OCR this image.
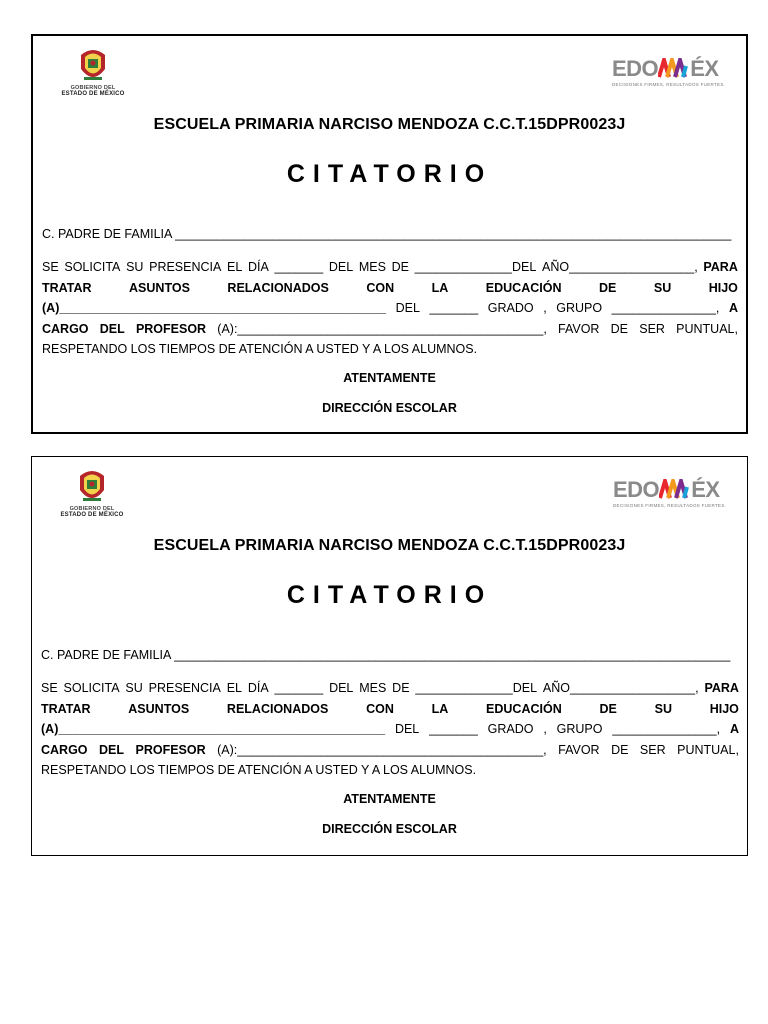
GOBIERNO DEL
ESTADO DE MÉXICO
EDO ÉX
DECISIONES FIRMES, RESULTADOS FUERTES.
ESCUELA PRIMARIA NARCISO MENDOZA C.C.T.15DPR0023J
CITATORIO
C. PADRE DE FAMILIA ________________________________________________________________________________
SE SOLICITA SU PRESENCIA EL DÍA _______ DEL MES DE ______________DEL AÑO__________________, PARA
TRATAR	ASUNTOS	RELACIONADOS	CON	LA	EDUCACIÓN	DE	SU	HIJO
(A)_______________________________________________ DEL _______ GRADO , GRUPO _______________, A
CARGO DEL PROFESOR (A):____________________________________________, FAVOR DE SER PUNTUAL,
RESPETANDO LOS TIEMPOS DE ATENCIÓN A USTED Y A LOS ALUMNOS.
ATENTAMENTE
DIRECCIÓN ESCOLAR
GOBIERNO DEL
ESTADO DE MÉXICO
EDO ÉX
DECISIONES FIRMES, RESULTADOS FUERTES.
ESCUELA PRIMARIA NARCISO MENDOZA C.C.T.15DPR0023J
CITATORIO
C. PADRE DE FAMILIA ________________________________________________________________________________
SE SOLICITA SU PRESENCIA EL DÍA _______ DEL MES DE ______________DEL AÑO__________________, PARA
TRATAR	ASUNTOS	RELACIONADOS	CON	LA	EDUCACIÓN	DE	SU	HIJO
(A)_______________________________________________ DEL _______ GRADO , GRUPO _______________, A
CARGO DEL PROFESOR (A):____________________________________________, FAVOR DE SER PUNTUAL,
RESPETANDO LOS TIEMPOS DE ATENCIÓN A USTED Y A LOS ALUMNOS.
ATENTAMENTE
DIRECCIÓN ESCOLAR
